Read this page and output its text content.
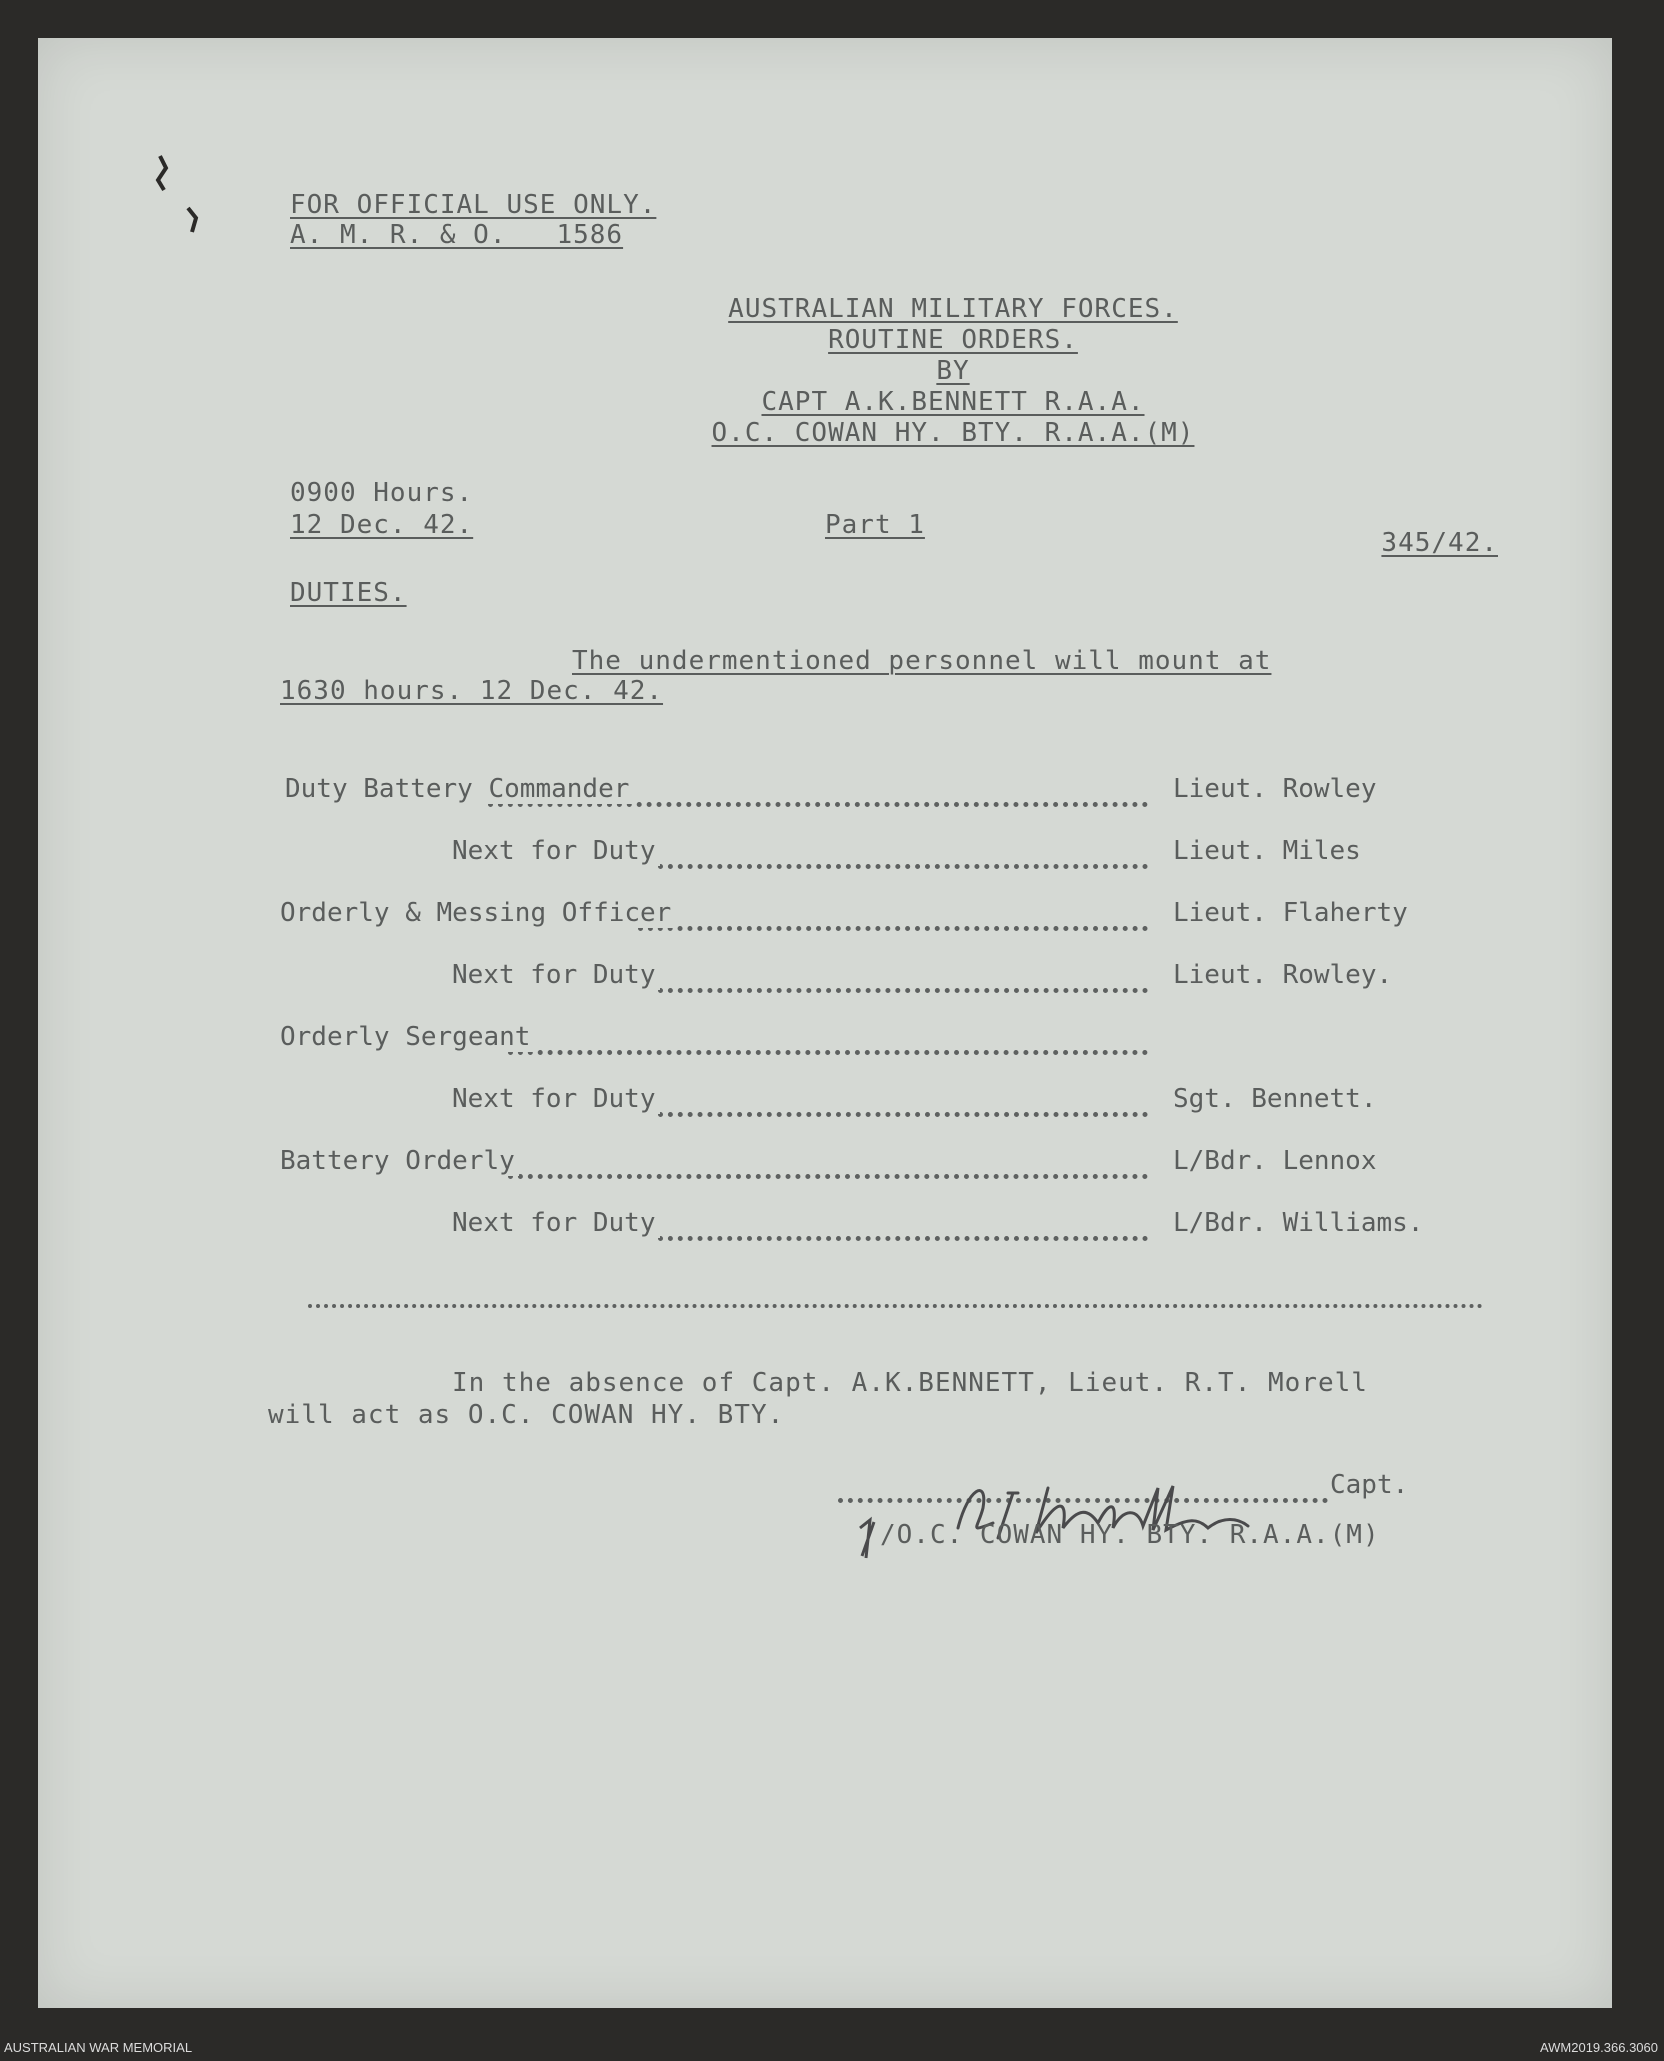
FOR OFFICIAL USE ONLY.
A. M. R. & O.   1586
AUSTRALIAN MILITARY FORCES.
ROUTINE ORDERS.
BY
CAPT A.K.BENNETT R.A.A.
O.C. COWAN HY. BTY. R.A.A.(M)
0900 Hours.
12 Dec. 42.	Part 1
345/42.
DUTIES.
The undermentioned personnel will mount at
1630 hours. 12 Dec. 42.
Duty Battery Commander	Lieut. Rowley
Next for Duty	Lieut. Miles
Orderly & Messing Officer	Lieut. Flaherty
Next for Duty	Lieut. Rowley.
Orderly Sergeant
Next for Duty	Sgt. Bennett.
Battery Orderly	L/Bdr. Lennox
Next for Duty	L/Bdr. Williams.
In the absence of Capt. A.K.BENNETT, Lieut. R.T. Morell
will act as O.C. COWAN HY. BTY.
Capt.
/O.C. COWAN HY. BTY. R.A.A.(M)
AUSTRALIAN WAR MEMORIAL	AWM2019.366.3060
